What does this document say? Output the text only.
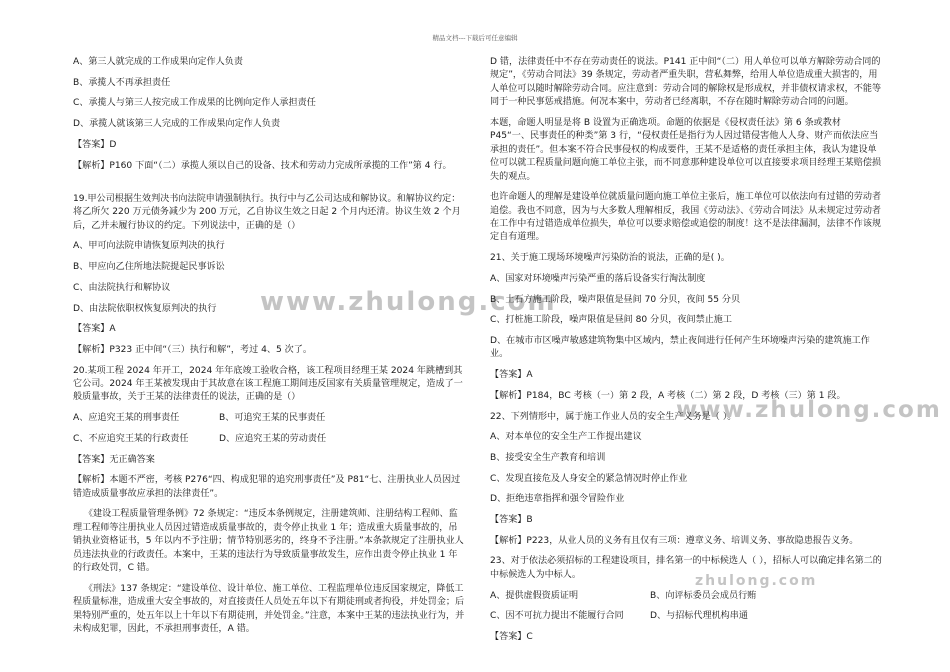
精品文档---下载后可任意编辑
www.zhulong.com
www.zhulong.com
zhulong.com

A、第三人就完成的工作成果向定作人负责

B、承揽人不再承担责任

C、承揽人与第三人按完成工作成果的比例向定作人承担责任

D、承揽人就该第三人完成的工作成果向定作人负责

【答案】D

【解析】P160 下面“（二）承揽人须以自己的设备、技术和劳动力完成所承揽的工作”第 4 行。

19.甲公司根据生效判决书向法院申请强制执行。执行中与乙公司达成和解协议。和解协议约定：将乙所欠 220 万元债务减少为 200 万元，乙自协议生效之日起 2 个月内还清。协议生效 2 个月后，乙并未履行协议的约定。下列说法中，正确的是（）

A、甲可向法院申请恢复原判决的执行

B、甲应向乙住所地法院提起民事诉讼

C、由法院执行和解协议

D、由法院依职权恢复原判决的执行

【答案】A

【解析】P323 正中间“（三）执行和解”，考过 4、5 次了。

20.某项工程 2024 年开工，2024 年年底竣工验收合格，该工程项目经理王某 2024 年跳槽到其它公司。2024 年王某被发现由于其故意在该工程施工期间违反国家有关质量管理规定，造成了一般质量事故，关于王某的法律责任的说法，正确的是（）

A、应追究王某的刑事责任	B、可追究王某的民事责任

C、不应追究王某的行政责任	D、应追究王某的劳动责任

【答案】无正确答案

【解析】本题不严密，考核 P276“四、构成犯罪的追究刑事责任”及 P81“七、注册执业人员因过错造成质量事故应承担的法律责任”。

《建设工程质量管理条例》72 条规定：“违反本条例规定，注册建筑师、注册结构工程师、监理工程师等注册执业人员因过错造成质量事故的，责令停止执业 1 年；造成重大质量事故的，吊销执业资格证书，5 年以内不予注册；情节特别恶劣的，终身不予注册。”本条款规定了注册执业人员违法执业的行政责任。本案中，王某的违法行为导致质量事故发生，应作出责令停止执业 1 年的行政处罚，C 错。

《刑法》137 条规定：“建设单位、设计单位、施工单位、工程监理单位违反国家规定，降低工程质量标准，造成重大安全事故的，对直接责任人员处五年以下有期徒刑或者拘役，并处罚金；后果特别严重的，处五年以上十年以下有期徒刑，并处罚金。”注意，本案中王某的违法执业行为，并未构成犯罪，因此，不承担刑事责任，A 错。

D 错，法律责任中不存在劳动责任的说法。P141 正中间“（二）用人单位可以单方解除劳动合同的规定”，《劳动合同法》39 条规定，劳动者严重失职，营私舞弊，给用人单位造成重大损害的，用人单位可以随时解除劳动合同。应注意到：劳动合同的解除权是形成权，并非债权请求权，不能等同于一种民事惩戒措施。何况本案中，劳动者已经离职，不存在随时解除劳动合同的问题。

本题，命题人明显是将 B 设置为正确选项。命题的依据是《侵权责任法》第 6 条或教材 P45“一、民事责任的种类”第 3 行，“侵权责任是指行为人因过错侵害他人人身、财产而依法应当承担的责任”。但本案不符合民事侵权的构成要件，王某不是适格的责任承担主体，我认为建设单位可以就工程质量问题向施工单位主张，而不同意那种建设单位可以直接要求项目经理王某赔偿损失的观点。

也许命题人的理解是建设单位就质量问题向施工单位主张后，施工单位可以依法向有过错的劳动者追偿。我也不同意，因为与大多数人理解相反，我国《劳动法》、《劳动合同法》从未规定过劳动者在工作中有过错造成单位损失，单位可以要求赔偿或追偿的制度！这不是法律漏洞，法律不作该规定自有道理。

21、关于施工现场环境噪声污染防治的说法，正确的是( )。

A、国家对环境噪声污染严重的落后设备实行淘汰制度

B、土石方施工阶段，噪声限值是昼间 70 分贝，夜间 55 分贝

C、打桩施工阶段，噪声限值是昼间 80 分贝，夜间禁止施工

D、在城市市区噪声敏感建筑物集中区域内，禁止夜间进行任何产生环境噪声污染的建筑施工作业。

【答案】A

【解析】P184，BC 考核（一）第 2 段，A 考核（二）第 2 段，D 考核（三）第 1 段。

22、下列情形中，属于施工作业人员的安全生产义务是（ ）。

A、对本单位的安全生产工作提出建议

B、接受安全生产教育和培训

C、发现直接危及人身安全的紧急情况时停止作业

D、拒绝违章指挥和强令冒险作业

【答案】B

【解析】P223，从业人员的义务有且仅有三项：遵章义务、培训义务、事故隐患报告义务。

23、对于依法必须招标的工程建设项目，排名第一的中标候选人（ ），招标人可以确定排名第二的中标候选人为中标人。

A、提供虚假资质证明	B、向评标委员会成员行贿

C、因不可抗力提出不能履行合同	D、与招标代理机构串通

【答案】C
